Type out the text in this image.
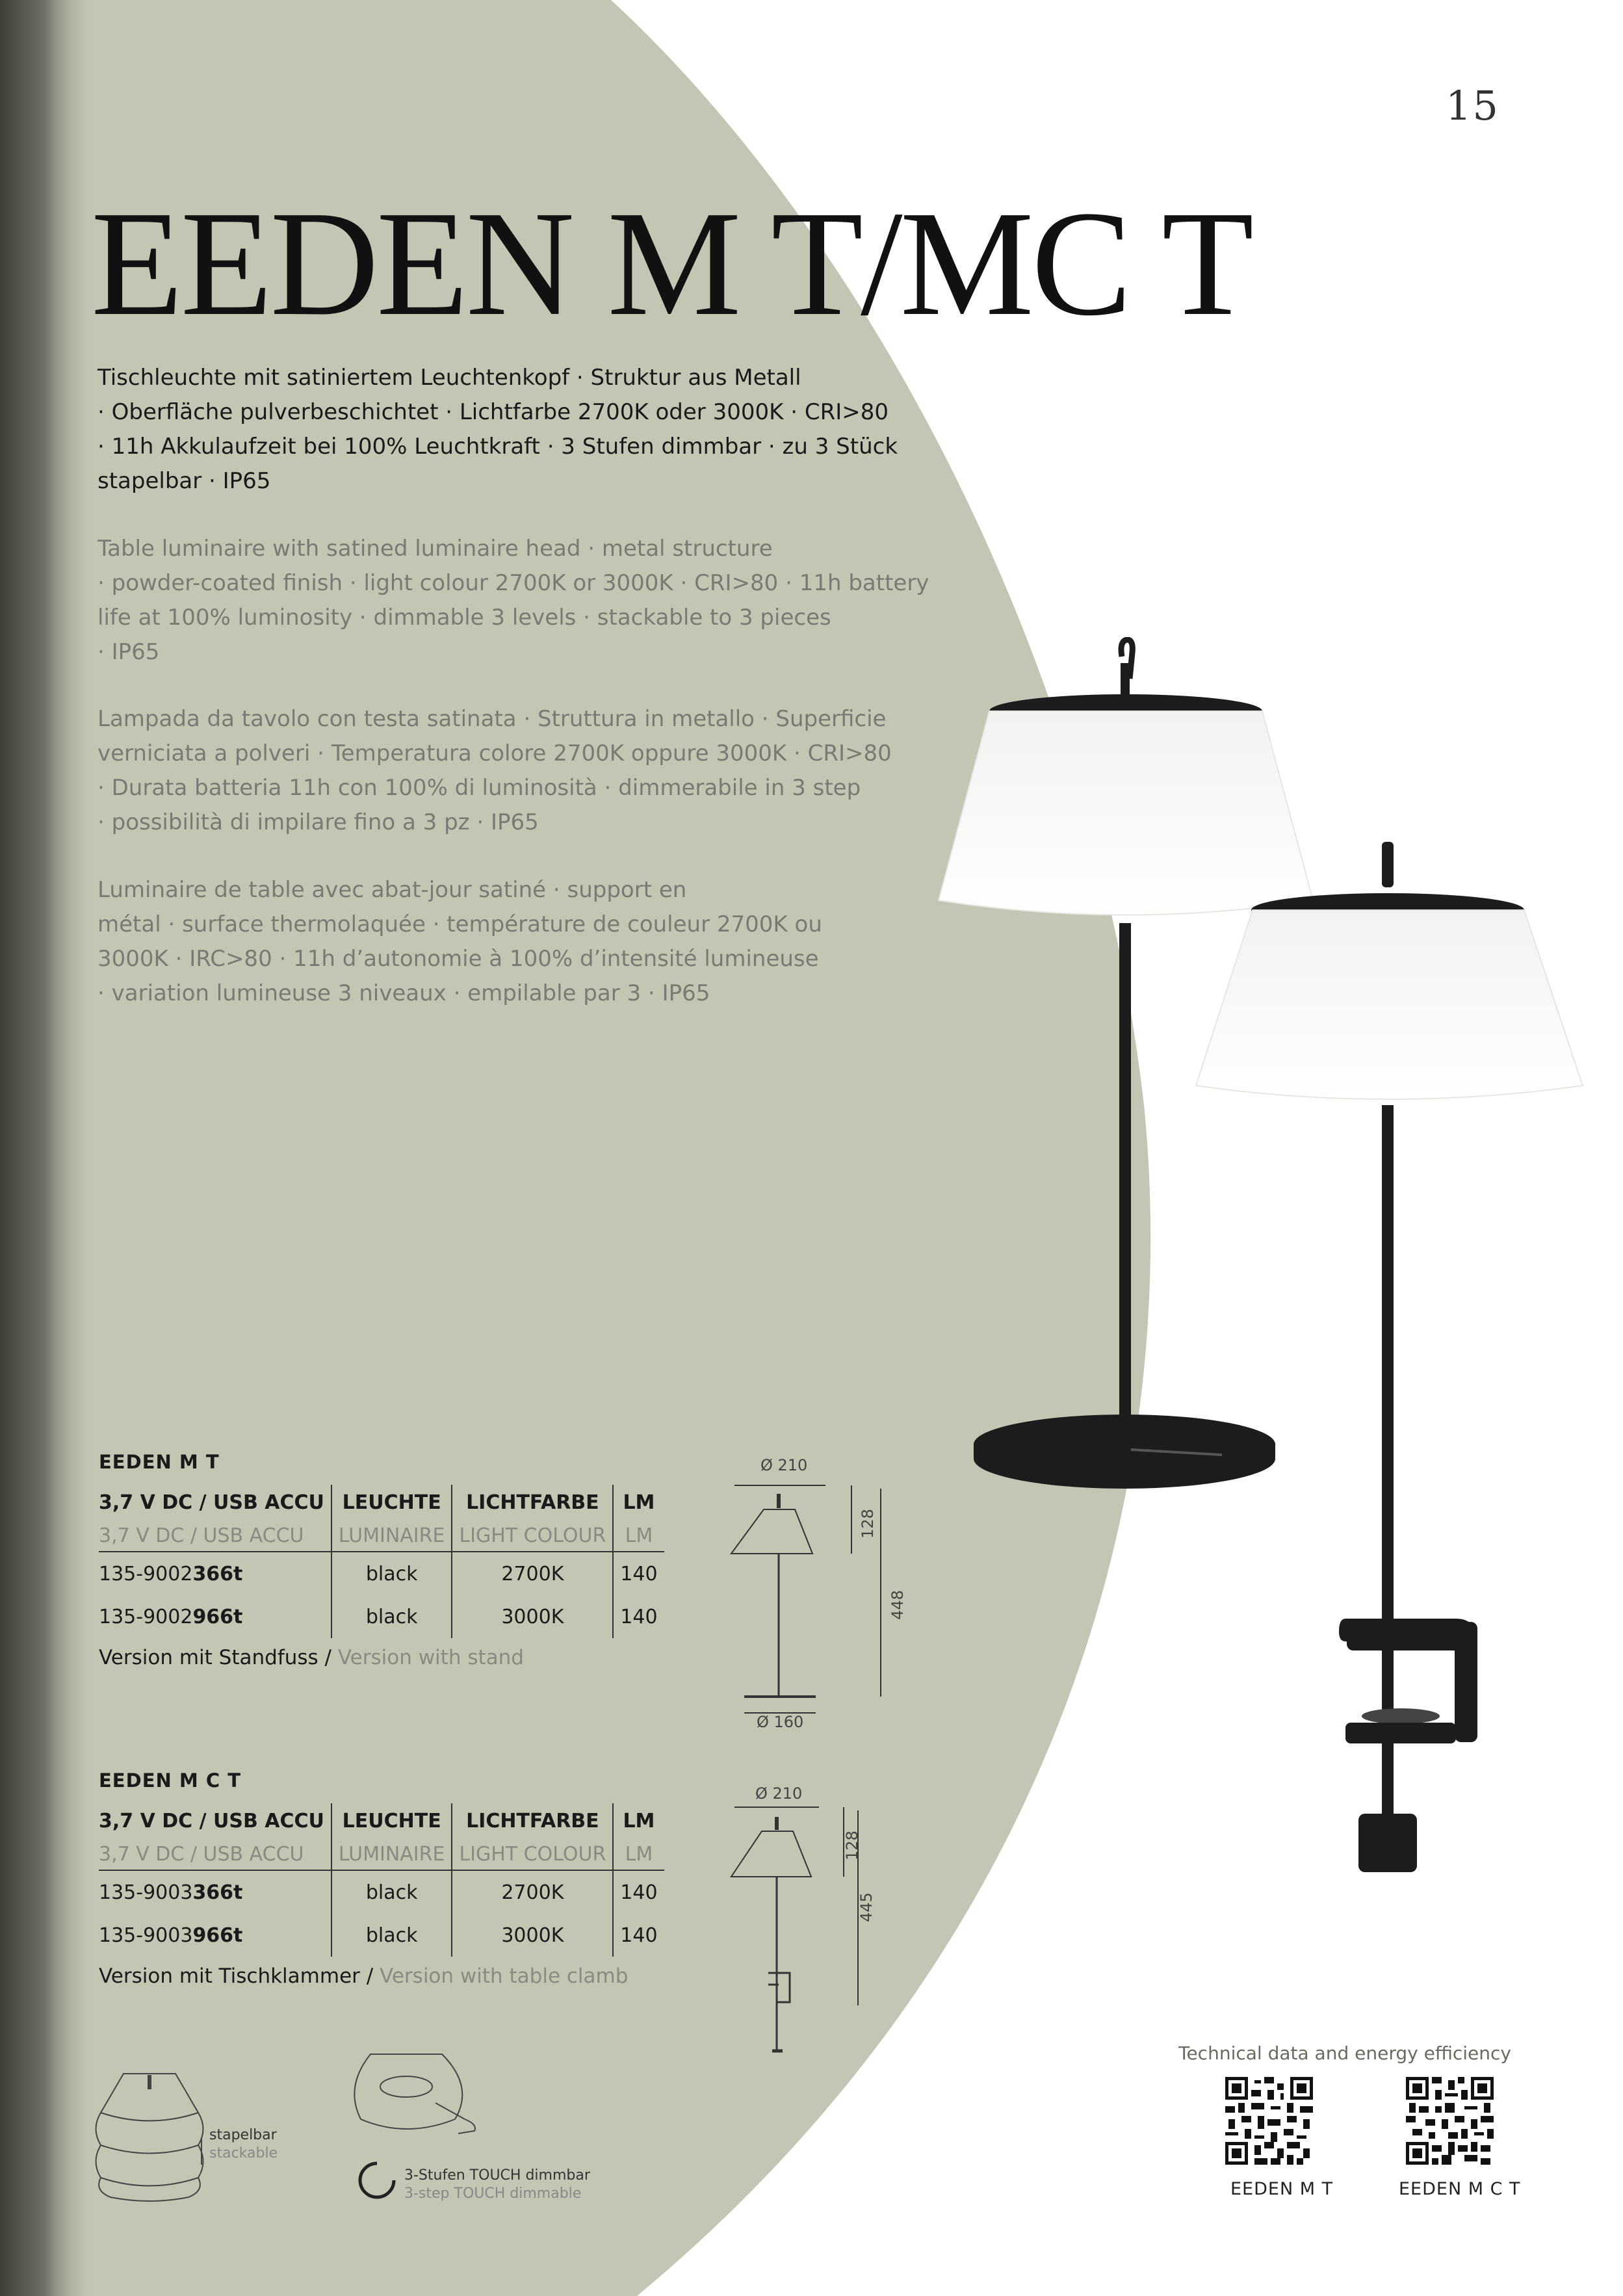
15
EEDEN M T/MC T
Tischleuchte mit satiniertem Leuchtenkopf · Struktur aus Metall
· Oberfläche pulverbeschichtet · Lichtfarbe 2700K oder 3000K · CRI>80
· 11h Akkulaufzeit bei 100% Leuchtkraft · 3 Stufen dimmbar · zu 3 Stück
stapelbar · IP65
Table luminaire with satined luminaire head · metal structure
· powder-coated finish · light colour 2700K or 3000K · CRI>80 · 11h battery
life at 100% luminosity · dimmable 3 levels · stackable to 3 pieces
· IP65
Lampada da tavolo con testa satinata · Struttura in metallo · Superficie
verniciata a polveri · Temperatura colore 2700K oppure 3000K · CRI>80
· Durata batteria 11h con 100% di luminosità · dimmerabile in 3 step
· possibilità di impilare fino a 3 pz · IP65
Luminaire de table avec abat-jour satiné · support en
métal · surface thermolaquée · température de couleur 2700K ou
3000K · IRC>80 · 11h d’autonomie à 100% d’intensité lumineuse
· variation lumineuse 3 niveaux · empilable par 3 · IP65
EEDEN M T
3,7 V DC / USB ACCU	LEUCHTE	LICHTFARBE	LM
3,7 V DC / USB ACCU	LUMINAIRE	LIGHT COLOUR	LM
135-9002366t	black	2700K	140
135-9002966t	black	3000K	140
Version mit Standfuss / Version with stand
Ø 210
128
448
Ø 160
EEDEN M C T
3,7 V DC / USB ACCU	LEUCHTE	LICHTFARBE	LM
3,7 V DC / USB ACCU	LUMINAIRE	LIGHT COLOUR	LM
135-9003366t	black	2700K	140
135-9003966t	black	3000K	140
Version mit Tischklammer / Version with table clamb
Ø 210
128
445
stapelbar
stackable
3-Stufen TOUCH dimmbar
3-step TOUCH dimmable
Technical data and energy efficiency
EEDEN M T	EEDEN M C T
